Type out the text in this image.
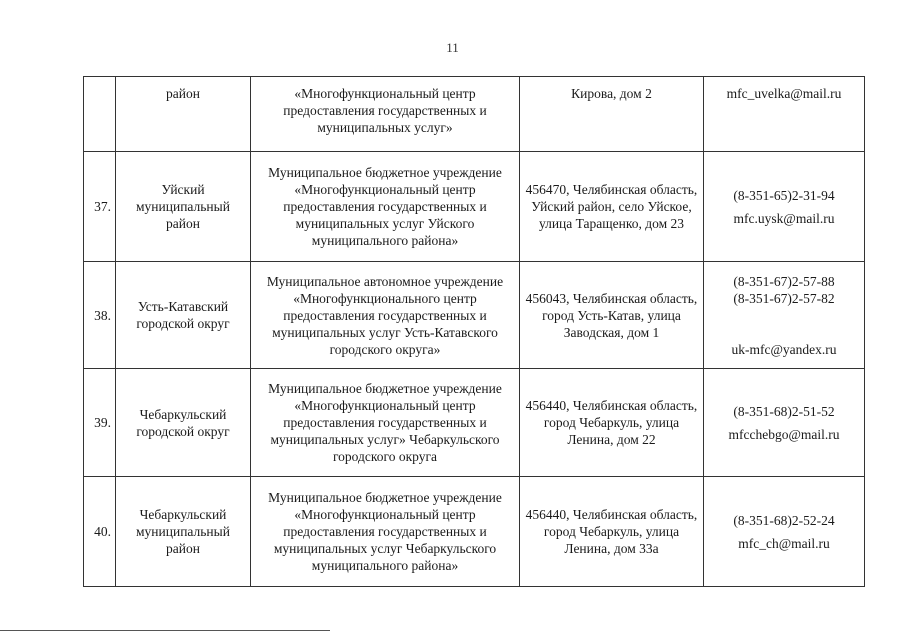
11
	район	«Многофункциональный центр предоставления государственных и муниципальных услуг»	Кирова, дом 2	mfc_uvelka@mail.ru

37.	Уйский муниципальный район	Муниципальное бюджетное учреждение «Многофункциональный центр предоставления государственных и муниципальных услуг Уйского муниципального района»	456470, Челябинская область, Уйский район, село Уйское, улица Таращенко, дом 23	(8-351-65)2-31-94
mfc.uysk@mail.ru

38.	Усть-Катавский городской округ	Муниципальное автономное учреждение «Многофункционального центр предоставления государственных и муниципальных услуг Усть-Катавского городского округа»	456043, Челябинская область, город Усть-Катав, улица Заводская, дом 1	(8-351-67)2-57-88
(8-351-67)2-57-82
uk-mfc@yandex.ru

39.	Чебаркульский городской округ	Муниципальное бюджетное учреждение «Многофункциональный центр предоставления государственных и муниципальных услуг» Чебаркульского городского округа	456440, Челябинская область, город Чебаркуль, улица Ленина, дом 22	(8-351-68)2-51-52
mfcchebgo@mail.ru

40.	Чебаркульский муниципальный район	Муниципальное бюджетное учреждение «Многофункциональный центр предоставления государственных и муниципальных услуг Чебаркульского муниципального района»	456440, Челябинская область, город Чебаркуль, улица Ленина, дом 33а	(8-351-68)2-52-24
mfc_ch@mail.ru
